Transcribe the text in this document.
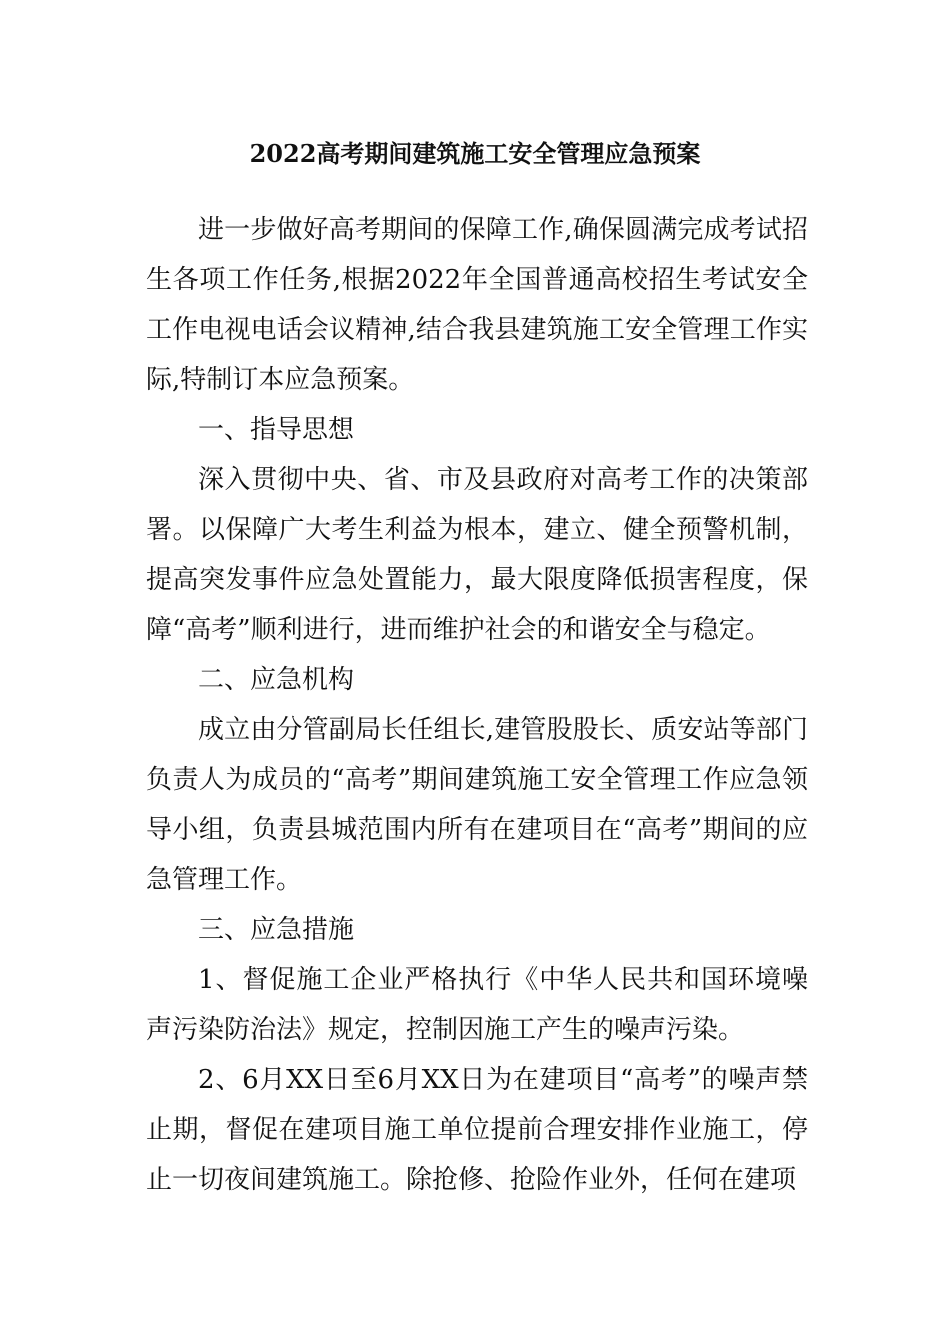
2022高考期间建筑施工安全管理应急预案

进一步做好高考期间的保障工作,确保圆满完成考试招生各项工作任务,根据2022年全国普通高校招生考试安全工作电视电话会议精神,结合我县建筑施工安全管理工作实际,特制订本应急预案。

一、指导思想

深入贯彻中央、省、市及县政府对高考工作的决策部署。以保障广大考生利益为根本，建立、健全预警机制，提高突发事件应急处置能力，最大限度降低损害程度，保障“高考”顺利进行，进而维护社会的和谐安全与稳定。

二、应急机构

成立由分管副局长任组长,建管股股长、质安站等部门负责人为成员的“高考”期间建筑施工安全管理工作应急领导小组，负责县城范围内所有在建项目在“高考”期间的应急管理工作。

三、应急措施

1、督促施工企业严格执行《中华人民共和国环境噪声污染防治法》规定，控制因施工产生的噪声污染。

2、6月XX日至6月XX日为在建项目“高考”的噪声禁止期，督促在建项目施工单位提前合理安排作业施工，停止一切夜间建筑施工。除抢修、抢险作业外，任何在建项
